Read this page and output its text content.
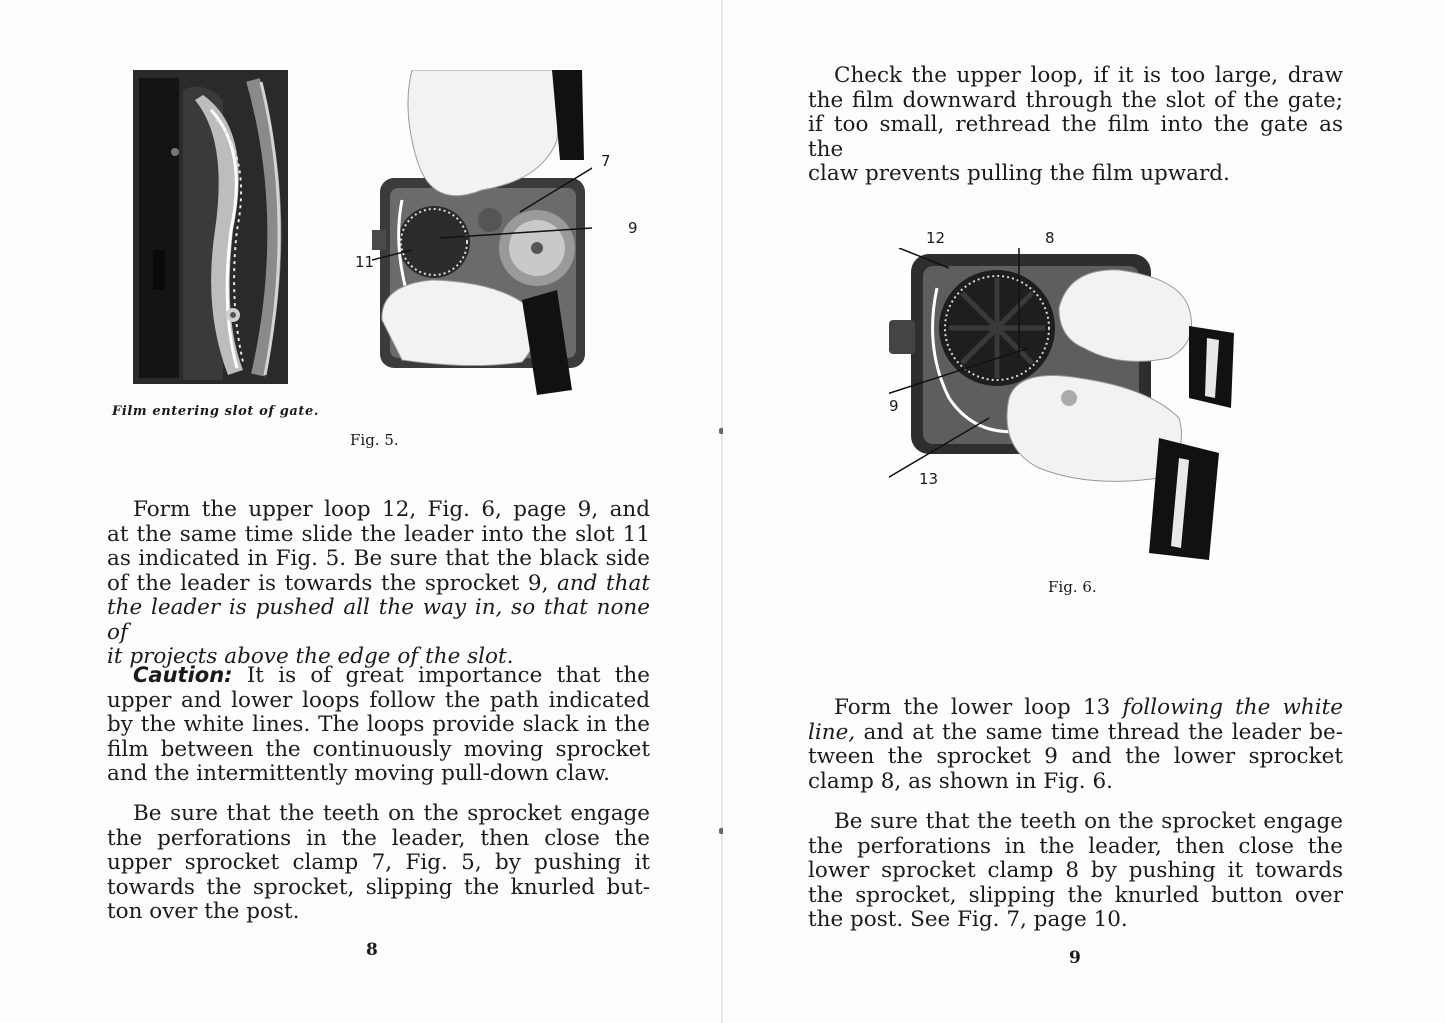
7
9
11
Film entering slot of gate.
Fig. 5.

Form the upper loop 12, Fig. 6, page 9, and
at the same time slide the leader into the slot 11
as indicated in Fig. 5. Be sure that the black side
of the leader is towards the sprocket 9, and that
the leader is pushed all the way in, so that none of
it projects above the edge of the slot.

Caution: It is of great importance that the
upper and lower loops follow the path indicated
by the white lines. The loops provide slack in the
film between the continuously moving sprocket
and the intermittently moving pull-down claw.

Be sure that the teeth on the sprocket engage
the perforations in the leader, then close the
upper sprocket clamp 7, Fig. 5, by pushing it
towards the sprocket, slipping the knurled but-
ton over the post.

8

Check the upper loop, if it is too large, draw
the film downward through the slot of the gate;
if too small, rethread the film into the gate as the
claw prevents pulling the film upward.

12	8
9
13
Fig. 6.

Form the lower loop 13 following the white
line, and at the same time thread the leader be-
tween the sprocket 9 and the lower sprocket
clamp 8, as shown in Fig. 6.

Be sure that the teeth on the sprocket engage
the perforations in the leader, then close the
lower sprocket clamp 8 by pushing it towards
the sprocket, slipping the knurled button over
the post. See Fig. 7, page 10.

9
